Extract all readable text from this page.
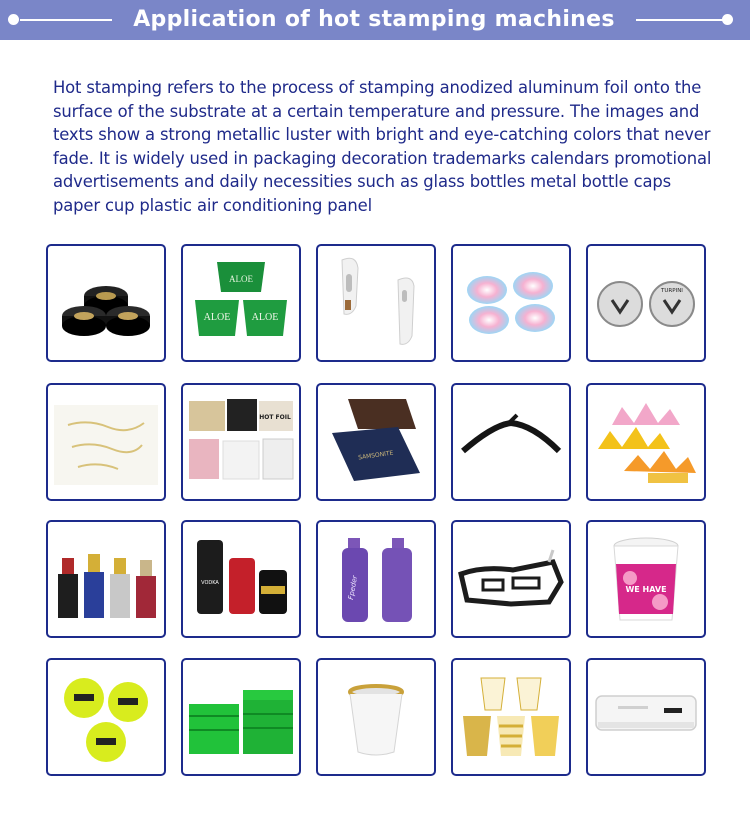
Application of hot stamping machines

Hot stamping refers to the process of stamping anodized aluminum foil onto the surface of the substrate at a certain temperature and pressure. The images and texts show a strong metallic luster with bright and eye-catching colors that never fade. It is widely used in packaging decoration trademarks calendars promotional advertisements and daily necessities such as glass bottles metal bottle caps paper cup plastic air conditioning panel

ALOE
ALOE ALOE
TURPINI
HOT FOIL
SAMSONITE
VODKA	Fpeder	WE HAVE
